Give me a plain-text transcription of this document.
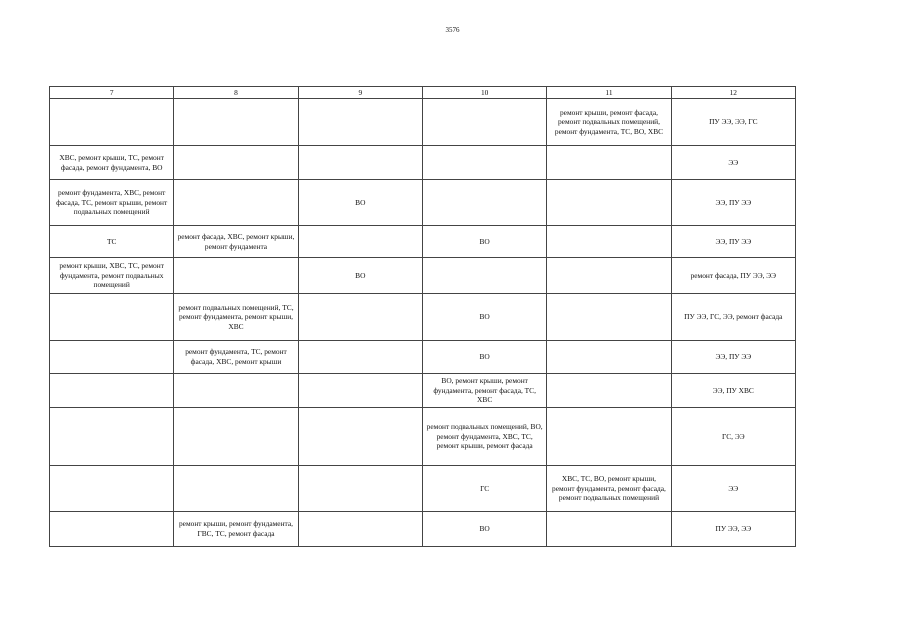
3576
7	8	9	10	11	12
				ремонт крыши, ремонт фасада, ремонт подвальных помещений, ремонт фундамента, ТС, ВО, ХВС	ПУ ЭЭ, ЭЭ, ГС
ХВС, ремонт крыши, ТС, ремонт фасада, ремонт фундамента, ВО					ЭЭ
ремонт фундамента, ХВС, ремонт фасада, ТС, ремонт крыши, ремонт подвальных помещений		ВО			ЭЭ, ПУ ЭЭ
ТС	ремонт фасада, ХВС, ремонт крыши, ремонт фундамента		ВО		ЭЭ, ПУ ЭЭ
ремонт крыши, ХВС, ТС, ремонт фундамента, ремонт подвальных помещений		ВО			ремонт фасада, ПУ ЭЭ, ЭЭ
	ремонт подвальных помещений, ТС, ремонт фундамента, ремонт крыши, ХВС		ВО		ПУ ЭЭ, ГС, ЭЭ, ремонт фасада
	ремонт фундамента, ТС, ремонт фасада, ХВС, ремонт крыши		ВО		ЭЭ, ПУ ЭЭ
			ВО, ремонт крыши, ремонт фундамента, ремонт фасада, ТС, ХВС		ЭЭ, ПУ ХВС
			ремонт подвальных помещений, ВО, ремонт фундамента, ХВС, ТС, ремонт крыши, ремонт фасада		ГС, ЭЭ
			ГС	ХВС, ТС, ВО, ремонт крыши, ремонт фундамента, ремонт фасада, ремонт подвальных помещений	ЭЭ
	ремонт крыши, ремонт фундамента, ГВС, ТС, ремонт фасада		ВО		ПУ ЭЭ, ЭЭ
